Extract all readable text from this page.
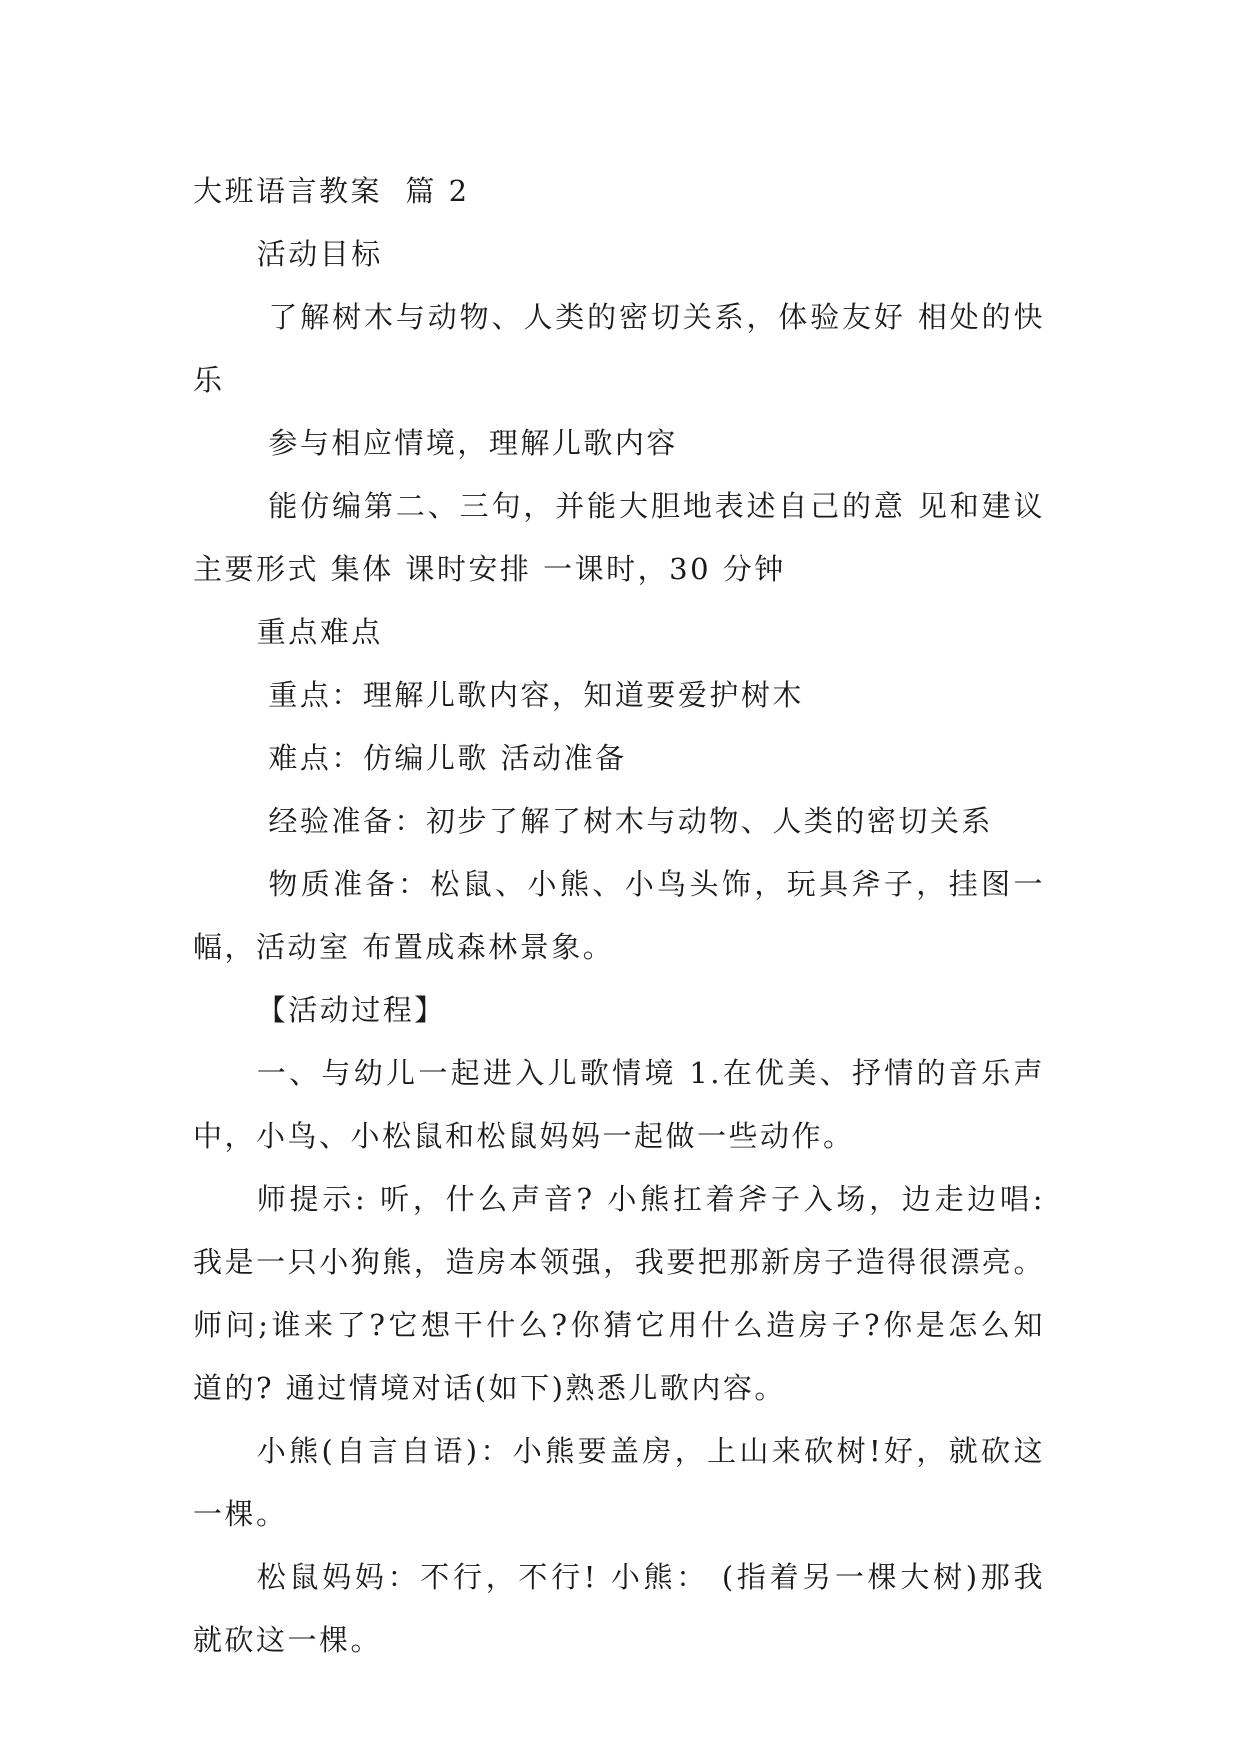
大班语言教案  篇 2

活动目标

了解树木与动物、人类的密切关系，体验友好 相处的快乐

参与相应情境，理解儿歌内容

能仿编第二、三句，并能大胆地表述自己的意 见和建议 主要形式 集体 课时安排 一课时，30 分钟

重点难点

重点：理解儿歌内容，知道要爱护树木

难点：仿编儿歌 活动准备

经验准备：初步了解了树木与动物、人类的密切关系

物质准备：松鼠、小熊、小鸟头饰，玩具斧子，挂图一幅，活动室 布置成森林景象。

【活动过程】

一、与幼儿一起进入儿歌情境 1.在优美、抒情的音乐声中，小鸟、小松鼠和松鼠妈妈一起做一些动作。

师提示: 听，什么声音? 小熊扛着斧子入场，边走边唱: 我是一只小狗熊，造房本领强，我要把那新房子造得很漂亮。师问;谁来了?它想干什么?你猜它用什么造房子?你是怎么知道的? 通过情境对话(如下)熟悉儿歌内容。

小熊(自言自语)：小熊要盖房，上山来砍树!好，就砍这一棵。

松鼠妈妈：不行，不行! 小熊： (指着另一棵大树)那我就砍这一棵。
